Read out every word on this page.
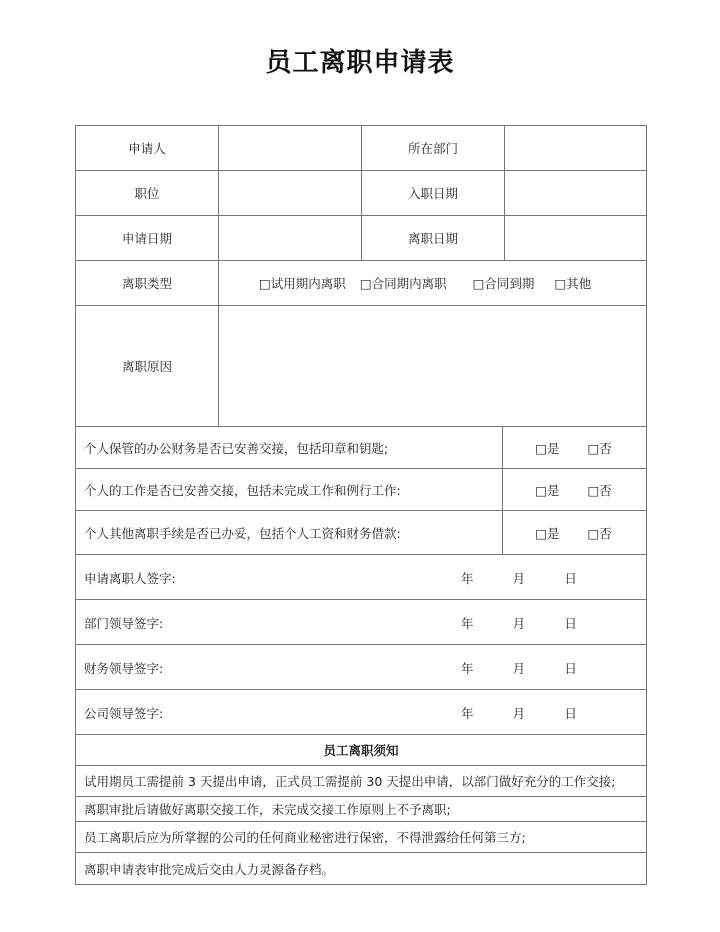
员工离职申请表
申请人	所在部门
职位	入职日期
申请日期	离职日期
离职类型	□试用期内离职 □合同期内离职 □合同到期 □其他
离职原因
个人保管的办公财务是否已安善交接，包括印章和钥匙;	□是 □否
个人的工作是否已安善交接，包括未完成工作和例行工作:	□是 □否
个人其他离职手续是否已办妥，包括个人工资和财务借款:	□是 □否
申请离职人签字:	年	月	日
部门领导签字:	年	月	日
财务领导签字:	年	月	日
公司领导签字:	年	月	日
员工离职须知
试用期员工需提前 3 天提出申请，正式员工需提前 30 天提出申请，以部门做好充分的工作交接;
离职审批后请做好离职交接工作，未完成交接工作原则上不予离职;
员工离职后应为所掌握的公司的任何商业秘密进行保密，不得泄露给任何第三方;
离职申请表审批完成后交由人力灵源备存档。
